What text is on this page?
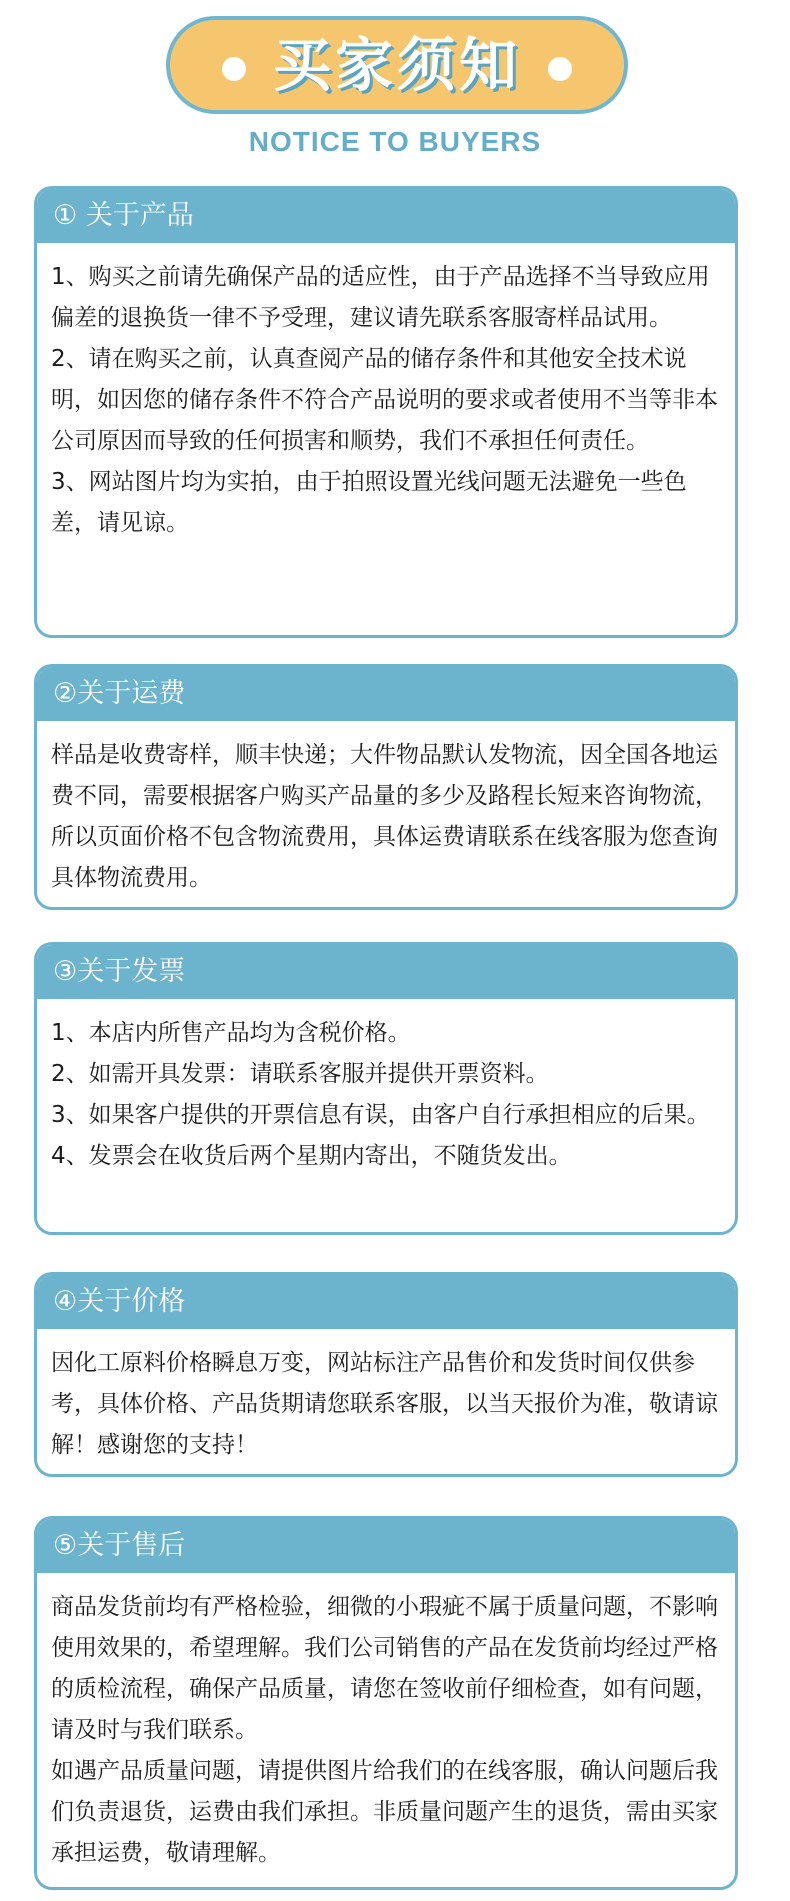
买家须知
NOTICE TO BUYERS
① 关于产品

1、购买之前请先确保产品的适应性，由于产品选择不当导致应用偏差的退换货一律不予受理，建议请先联系客服寄样品试用。

2、请在购买之前，认真查阅产品的储存条件和其他安全技术说明，如因您的储存条件不符合产品说明的要求或者使用不当等非本公司原因而导致的任何损害和顺势，我们不承担任何责任。

3、网站图片均为实拍，由于拍照设置光线问题无法避免一些色差，请见谅。

②关于运费

样品是收费寄样，顺丰快递；大件物品默认发物流，因全国各地运费不同，需要根据客户购买产品量的多少及路程长短来咨询物流，所以页面价格不包含物流费用，具体运费请联系在线客服为您查询具体物流费用。

③关于发票

1、本店内所售产品均为含税价格。

2、如需开具发票：请联系客服并提供开票资料。

3、如果客户提供的开票信息有误，由客户自行承担相应的后果。

4、发票会在收货后两个星期内寄出，不随货发出。

④关于价格

因化工原料价格瞬息万变，网站标注产品售价和发货时间仅供参考，具体价格、产品货期请您联系客服，以当天报价为准，敬请谅解！感谢您的支持！

⑤关于售后

商品发货前均有严格检验，细微的小瑕疵不属于质量问题，不影响使用效果的，希望理解。我们公司销售的产品在发货前均经过严格的质检流程，确保产品质量，请您在签收前仔细检查，如有问题，请及时与我们联系。

如遇产品质量问题，请提供图片给我们的在线客服，确认问题后我们负责退货，运费由我们承担。非质量问题产生的退货，需由买家承担运费，敬请理解。
